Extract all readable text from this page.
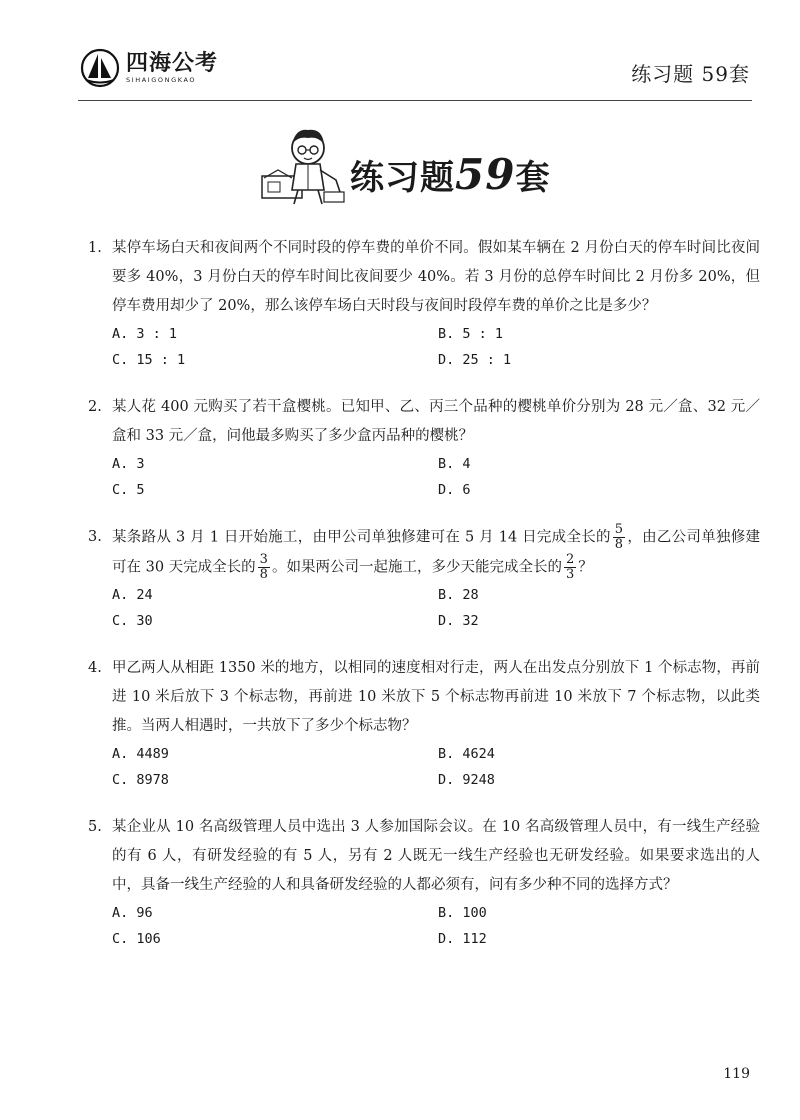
四海公考
SIHAIGONGKAO	练习题 59套
练习题59套
1. 某停车场白天和夜间两个不同时段的停车费的单价不同。假如某车辆在 2 月份白天的停车时间比夜间要多 40%，3 月份白天的停车时间比夜间要少 40%。若 3 月份的总停车时间比 2 月份多 20%，但停车费用却少了 20%，那么该停车场白天时段与夜间时段停车费的单价之比是多少？
A. 3 : 1	B. 5 : 1
C. 15 : 1	D. 25 : 1
2. 某人花 400 元购买了若干盒樱桃。已知甲、乙、丙三个品种的樱桃单价分别为 28 元／盒、32 元／盒和 33 元／盒，问他最多购买了多少盒丙品种的樱桃？
A. 3	B. 4
C. 5	D. 6
3. 某条路从 3 月 1 日开始施工，由甲公司单独修建可在 5 月 14 日完成全长的 $\frac{5}{8}$ ，由乙公司单独修建可在 30 天完成全长的 $\frac{3}{8}$ 。如果两公司一起施工，多少天能完成全长的 $\frac{2}{3}$ ？
A. 24	B. 28
C. 30	D. 32
4. 甲乙两人从相距 1350 米的地方，以相同的速度相对行走，两人在出发点分别放下 1 个标志物，再前进 10 米后放下 3 个标志物，再前进 10 米放下 5 个标志物再前进 10 米放下 7 个标志物，以此类推。当两人相遇时，一共放下了多少个标志物？
A. 4489	B. 4624
C. 8978	D. 9248
5. 某企业从 10 名高级管理人员中选出 3 人参加国际会议。在 10 名高级管理人员中，有一线生产经验的有 6 人，有研发经验的有 5 人，另有 2 人既无一线生产经验也无研发经验。如果要求选出的人中，具备一线生产经验的人和具备研发经验的人都必须有，问有多少种不同的选择方式？
A. 96	B. 100
C. 106	D. 112
119
